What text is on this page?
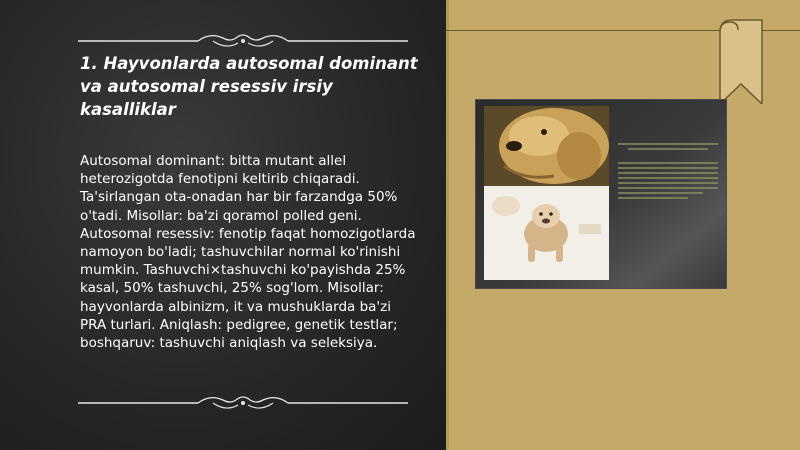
1. Hayvonlarda autosomal dominant
va autosomal resessiv irsiy kasalliklar

Autosomal dominant: bitta mutant allel heterozigotda fenotipni keltirib chiqaradi. Ta'sirlangan ota-onadan har bir farzandga 50% o'tadi. Misollar: ba'zi qoramol polled geni. Autosomal resessiv: fenotip faqat homozigotlarda namoyon bo'ladi; tashuvchilar normal ko'rinishi mumkin. Tashuvchi×tashuvchi ko'payishda 25% kasal, 50% tashuvchi, 25% sog'lom. Misollar: hayvonlarda albinizm, it va mushuklarda ba'zi PRA turlari. Aniqlash: pedigree, genetik testlar; boshqaruv: tashuvchi aniqlash va seleksiya.
